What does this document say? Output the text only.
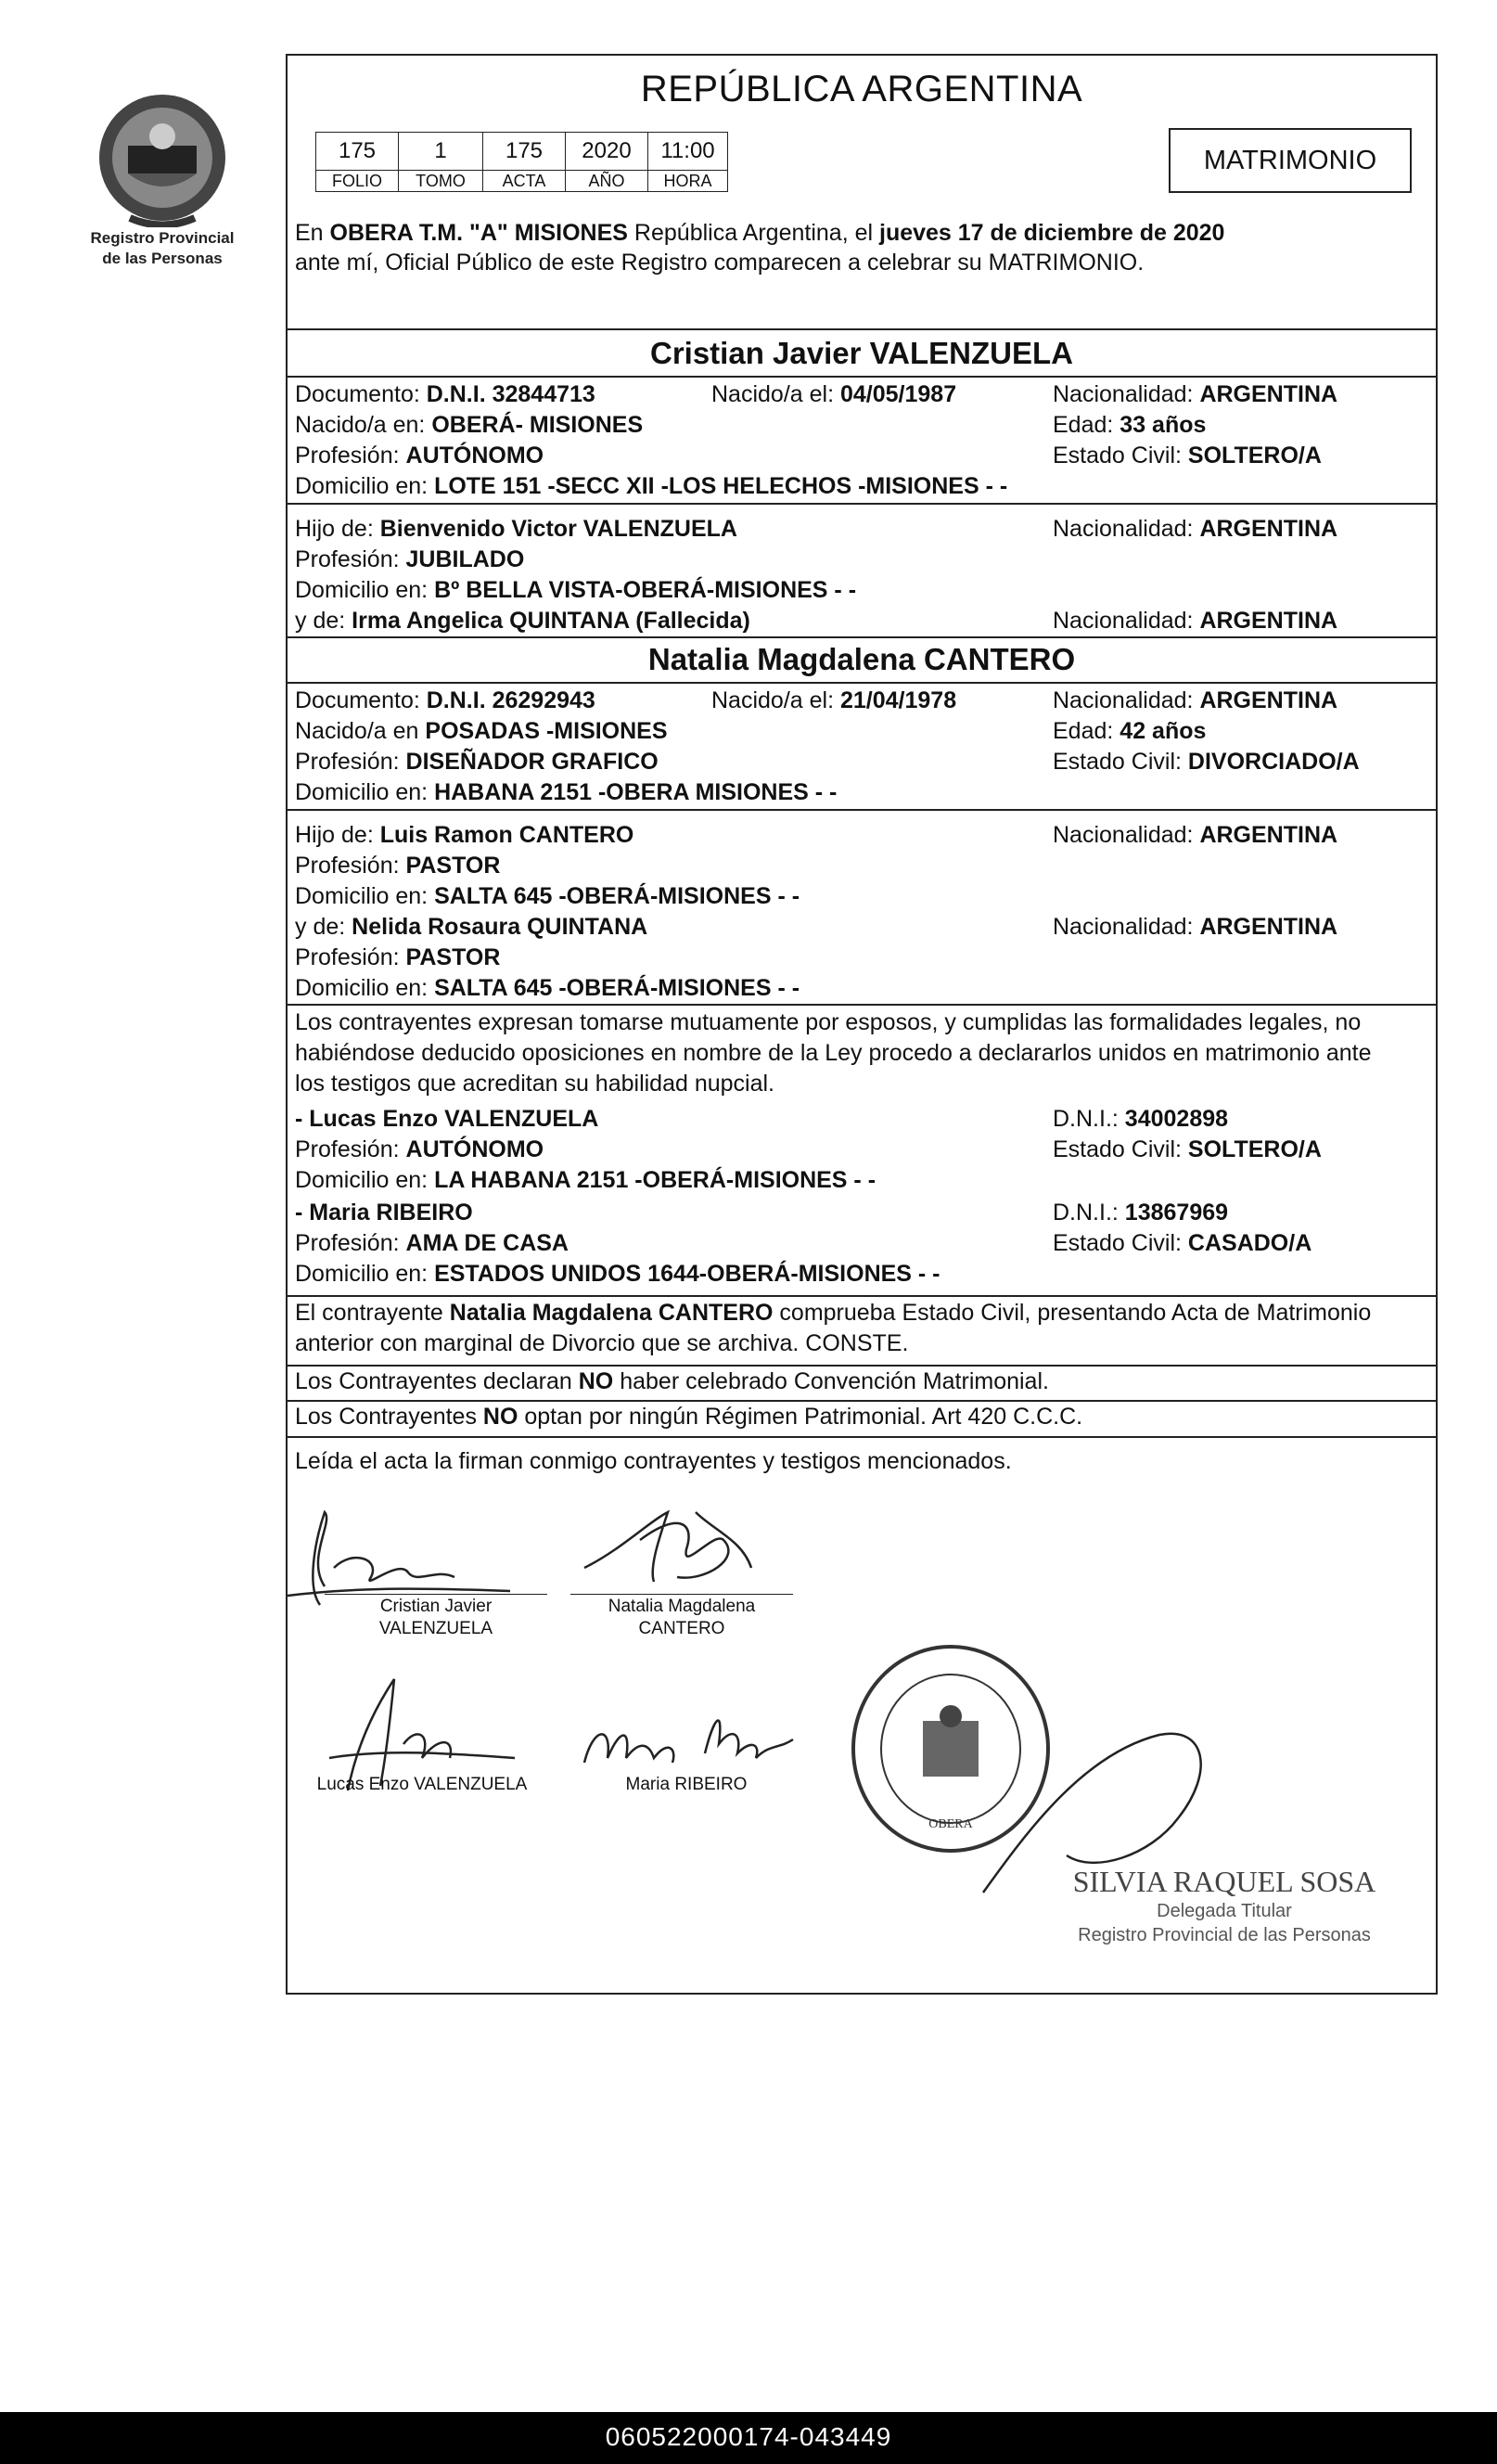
Registro Provincial
de las Personas
REPÚBLICA ARGENTINA
175	1	175	2020	11:00
FOLIO	TOMO	ACTA	AÑO	HORA
MATRIMONIO
En OBERA T.M. "A" MISIONES República Argentina, el jueves 17 de diciembre de 2020
ante mí, Oficial Público de este Registro comparecen a celebrar su MATRIMONIO.
Cristian Javier VALENZUELA
Documento: D.N.I. 32844713	Nacido/a el: 04/05/1987	Nacionalidad: ARGENTINA
Nacido/a en: OBERÁ- MISIONES	Edad: 33 años
Profesión: AUTÓNOMO	Estado Civil: SOLTERO/A
Domicilio en: LOTE 151 -SECC XII -LOS HELECHOS -MISIONES - -
Hijo de: Bienvenido Victor VALENZUELA	Nacionalidad: ARGENTINA
Profesión: JUBILADO
Domicilio en: Bº BELLA VISTA-OBERÁ-MISIONES - -
y de: Irma Angelica QUINTANA (Fallecida)	Nacionalidad: ARGENTINA
Natalia Magdalena CANTERO
Documento: D.N.I. 26292943	Nacido/a el: 21/04/1978	Nacionalidad: ARGENTINA
Nacido/a en POSADAS -MISIONES	Edad: 42 años
Profesión: DISEÑADOR GRAFICO	Estado Civil: DIVORCIADO/A
Domicilio en: HABANA 2151 -OBERA MISIONES - -
Hijo de: Luis Ramon CANTERO	Nacionalidad: ARGENTINA
Profesión: PASTOR
Domicilio en: SALTA 645 -OBERÁ-MISIONES - -
y de: Nelida Rosaura QUINTANA	Nacionalidad: ARGENTINA
Profesión: PASTOR
Domicilio en: SALTA 645 -OBERÁ-MISIONES - -
Los contrayentes expresan tomarse mutuamente por esposos, y cumplidas las formalidades legales, no
habiéndose deducido oposiciones en nombre de la Ley procedo a declararlos unidos en matrimonio ante
los testigos que acreditan su habilidad nupcial.
- Lucas Enzo VALENZUELA	D.N.I.: 34002898
Profesión: AUTÓNOMO	Estado Civil: SOLTERO/A
Domicilio en: LA HABANA 2151 -OBERÁ-MISIONES - -
- Maria RIBEIRO	D.N.I.: 13867969
Profesión: AMA DE CASA	Estado Civil: CASADO/A
Domicilio en: ESTADOS UNIDOS 1644-OBERÁ-MISIONES - -
El contrayente Natalia Magdalena CANTERO comprueba Estado Civil, presentando Acta de Matrimonio
anterior con marginal de Divorcio que se archiva. CONSTE.
Los Contrayentes declaran NO haber celebrado Convención Matrimonial.
Los Contrayentes NO optan por ningún Régimen Patrimonial. Art 420 C.C.C.
Leída el acta la firman conmigo contrayentes y testigos mencionados.
Cristian Javier
VALENZUELA
Natalia Magdalena
CANTERO
Lucas Enzo VALENZUELA	Maria RIBEIRO
OBERA
SILVIA RAQUEL SOSA
Delegada Titular
Registro Provincial de las Personas
060522000174-043449
